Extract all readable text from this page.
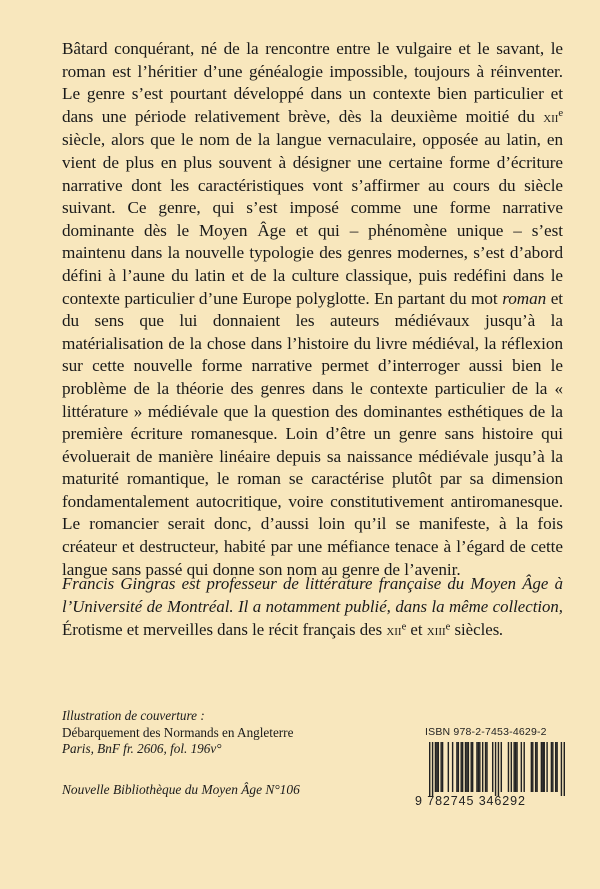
Bâtard conquérant, né de la rencontre entre le vulgaire et le savant, le roman est l’héritier d’une généalogie impossible, toujours à réinventer. Le genre s’est pourtant développé dans un contexte bien particulier et dans une période relativement brève, dès la deuxième moitié du xii$^e$ siècle, alors que le nom de la langue vernaculaire, opposée au latin, en vient de plus en plus souvent à désigner une certaine forme d’écriture narrative dont les caractéristiques vont s’affirmer au cours du siècle suivant. Ce genre, qui s’est imposé comme une forme narrative dominante dès le Moyen Âge et qui – phénomène unique – s’est maintenu dans la nouvelle typologie des genres modernes, s’est d’abord défini à l’aune du latin et de la culture classique, puis redéfini dans le contexte particulier d’une Europe polyglotte. En partant du mot roman et du sens que lui donnaient les auteurs médiévaux jusqu’à la matérialisation de la chose dans l’histoire du livre médiéval, la réflexion sur cette nouvelle forme narrative permet d’interroger aussi bien le problème de la théorie des genres dans le contexte particulier de la « littérature » médiévale que la question des dominantes esthétiques de la première écriture romanesque. Loin d’être un genre sans histoire qui évoluerait de manière linéaire depuis sa naissance médiévale jusqu’à la maturité romantique, le roman se caractérise plutôt par sa dimension fondamentalement autocritique, voire constitutivement antiromanesque. Le romancier serait donc, d’aussi loin qu’il se manifeste, à la fois créateur et destructeur, habité par une méfiance tenace à l’égard de cette langue sans passé qui donne son nom au genre de l’avenir.

Francis Gingras est professeur de littérature française du Moyen Âge à l’Université de Montréal. Il a notamment publié, dans la même collection, Érotisme et merveilles dans le récit français des xii$^e$ et xiii$^e$ siècles.
Illustration de couverture :
Débarquement des Normands en Angleterre
Paris, BnF fr. 2606, fol. 196v°
Nouvelle Bibliothèque du Moyen Âge N°106
ISBN 978-2-7453-4629-2
9 782745 346292
